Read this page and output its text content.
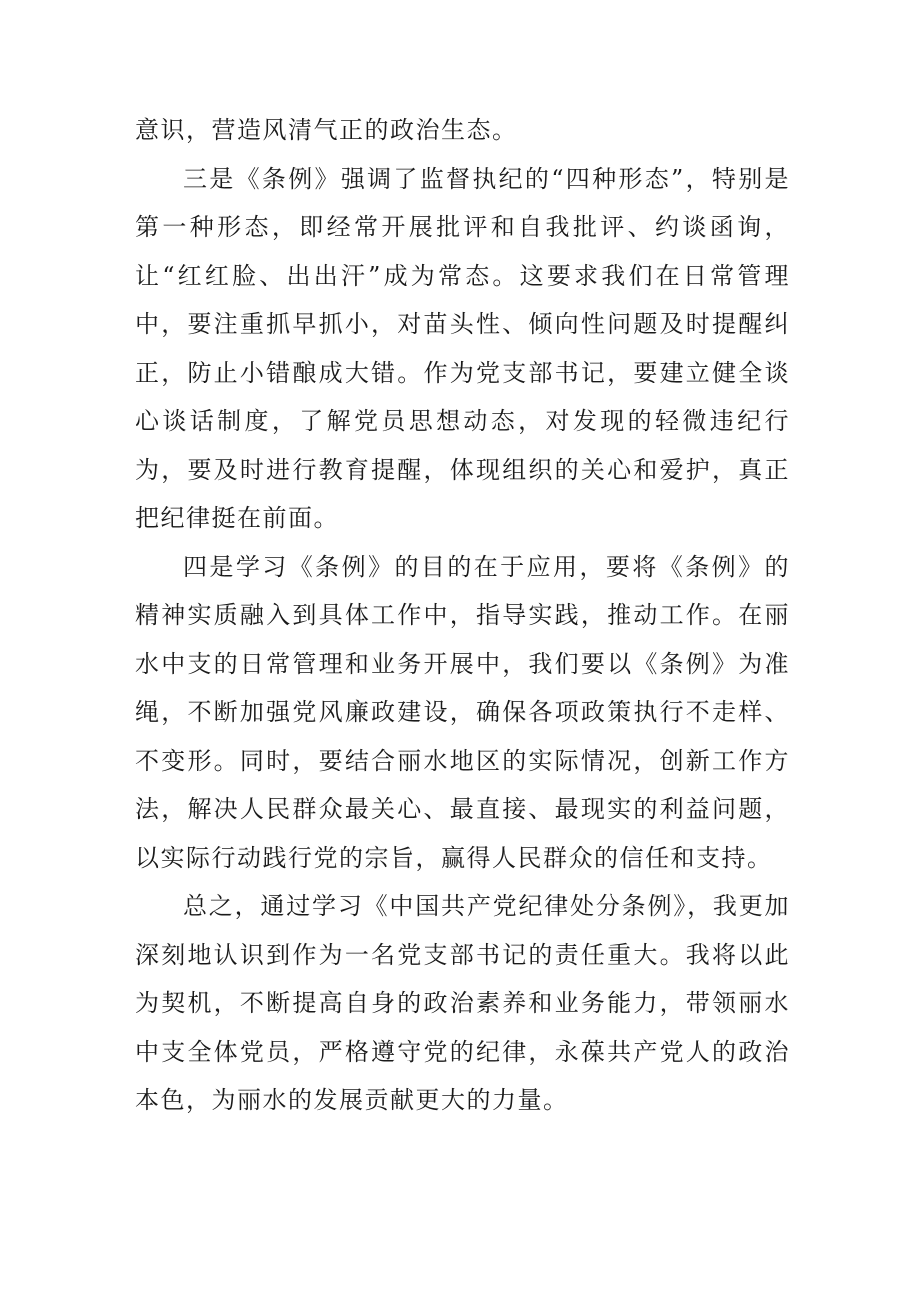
意识，营造风清气正的政治生态。

三是《条例》强调了监督执纪的“四种形态”，特别是第一种形态，即经常开展批评和自我批评、约谈函询，让“红红脸、出出汗”成为常态。这要求我们在日常管理中，要注重抓早抓小，对苗头性、倾向性问题及时提醒纠正，防止小错酿成大错。作为党支部书记，要建立健全谈心谈话制度，了解党员思想动态，对发现的轻微违纪行为，要及时进行教育提醒，体现组织的关心和爱护，真正把纪律挺在前面。

四是学习《条例》的目的在于应用，要将《条例》的精神实质融入到具体工作中，指导实践，推动工作。在丽水中支的日常管理和业务开展中，我们要以《条例》为准绳，不断加强党风廉政建设，确保各项政策执行不走样、不变形。同时，要结合丽水地区的实际情况，创新工作方法，解决人民群众最关心、最直接、最现实的利益问题，以实际行动践行党的宗旨，赢得人民群众的信任和支持。

总之，通过学习《中国共产党纪律处分条例》，我更加深刻地认识到作为一名党支部书记的责任重大。我将以此为契机，不断提高自身的政治素养和业务能力，带领丽水中支全体党员，严格遵守党的纪律，永葆共产党人的政治本色，为丽水的发展贡献更大的力量。
